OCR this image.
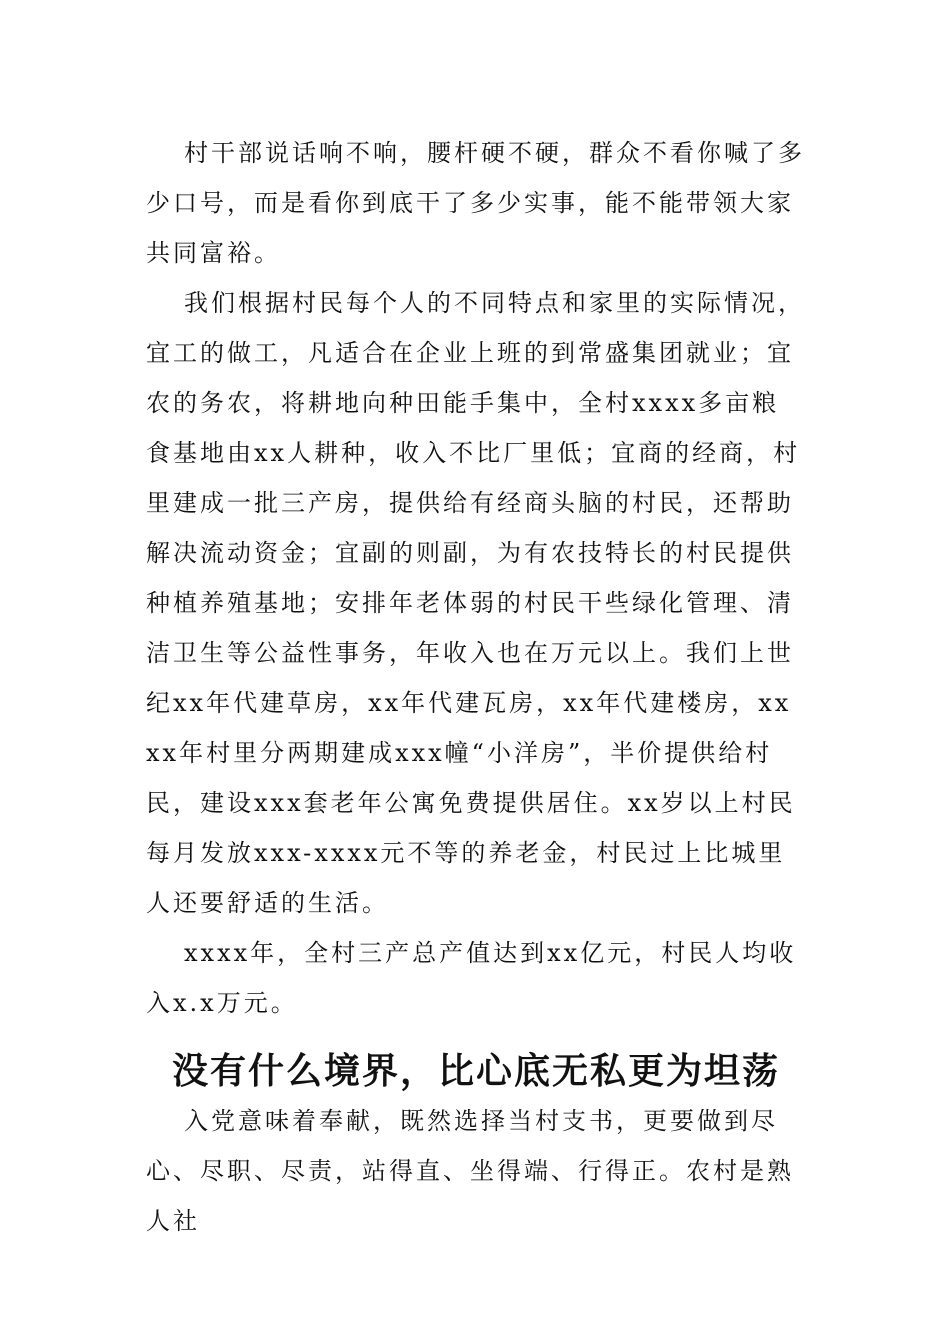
村干部说话响不响，腰杆硬不硬，群众不看你喊了多少口号，而是看你到底干了多少实事，能不能带领大家共同富裕。

我们根据村民每个人的不同特点和家里的实际情况，宜工的做工，凡适合在企业上班的到常盛集团就业；宜农的务农，将耕地向种田能手集中，全村xxxx多亩粮食基地由xx人耕种，收入不比厂里低；宜商的经商，村里建成一批三产房，提供给有经商头脑的村民，还帮助解决流动资金；宜副的则副，为有农技特长的村民提供种植养殖基地；安排年老体弱的村民干些绿化管理、清洁卫生等公益性事务，年收入也在万元以上。我们上世纪xx年代建草房，xx年代建瓦房，xx年代建楼房，xxxx年村里分两期建成xxx幢“小洋房”，半价提供给村民，建设xxx套老年公寓免费提供居住。xx岁以上村民每月发放xxx-xxxx元不等的养老金，村民过上比城里人还要舒适的生活。

xxxx年，全村三产总产值达到xx亿元，村民人均收入x.x万元。

没有什么境界，比心底无私更为坦荡

入党意味着奉献，既然选择当村支书，更要做到尽心、尽职、尽责，站得直、坐得端、行得正。农村是熟人社
